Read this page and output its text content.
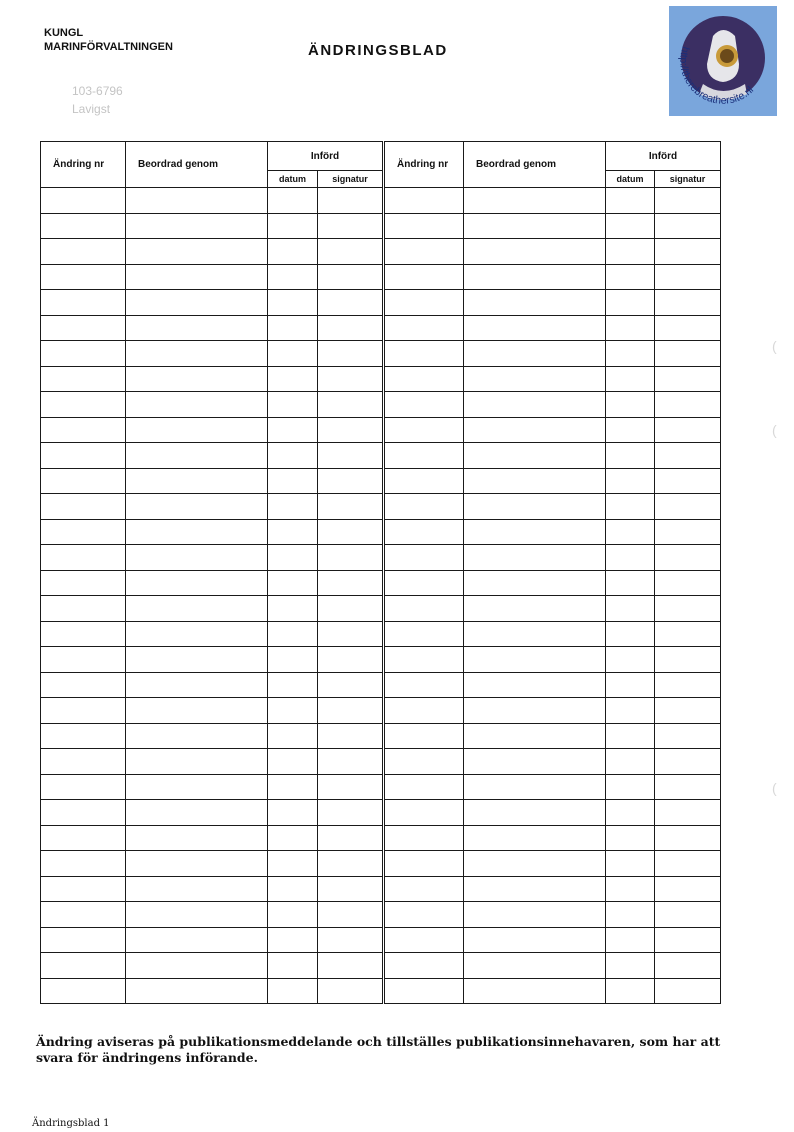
KUNGL
MARINFÖRVALTNINGEN	ÄNDRINGSBLAD
103-6796
Lavigst
http://therebreathersite.nl
Ändring nr	Beordrad genom	Införd	
		datum	signatur

Ändring nr	Beordrad genom	Införd	
		datum	signatur

Ändring aviseras på publikationsmeddelande och tillställes publikationsinnehavaren, som har att svara för ändringens införande.
Ändringsblad 1
(
(
(
